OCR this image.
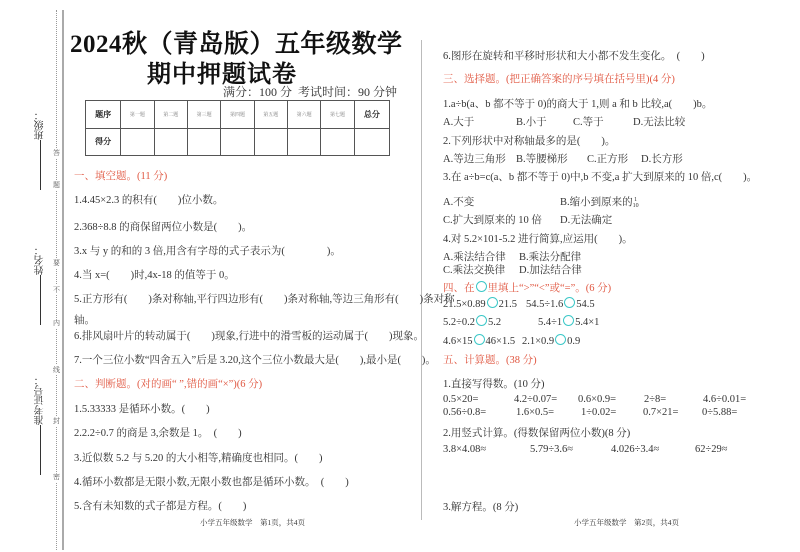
答
题
要
不
内
线
封
密
班级：
姓名：
准考证号：
2024秋（青岛版）五年级数学
期中押题试卷
满分：100 分 考试时间：90 分钟
题序	第一题	第二题	第三题	第四题	第五题	第六题	第七题	总分
得分								
一、填空题。(11 分)
1.4.45×2.3 的积有(　　)位小数。
2.368÷8.8 的商保留两位小数是(　　)。
3.x 与 y 的和的 3 倍,用含有字母的式子表示为(　　　　)。
4.当 x=(　　)时,4x-18 的值等于 0。
5.正方形有(　　)条对称轴,平行四边形有(　　)条对称轴,等边三角形有(　　)条对称
轴。
6.排风扇叶片的转动属于(　　)现象,行进中的滑雪板的运动属于(　　)现象。
7.一个三位小数“四舍五入”后是 3.20,这个三位小数最大是(　　),最小是(　　)。
二、判断题。(对的画“ ”,错的画“×”)(6 分)
1.5.33333 是循环小数。(　　)
2.2.2÷0.7 的商是 3,余数是 1。　(　　)
3.近似数 5.2 与 5.20 的大小相等,精确度也相同。(　　)
4.循环小数都是无限小数,无限小数也都是循环小数。　(　　)
5.含有未知数的式子都是方程。(　　)
小学五年级数学　第1页，共4页
6.图形在旋转和平移时形状和大小都不发生变化。　(　　)
三、选择题。(把正确答案的序号填在括号里)(4 分)
1.a÷b(a、b 都不等于 0)的商大于 1,则 a 和 b 比较,a(　　)b。
A.大于	B.小于	C.等于	D.无法比较
2.下列形状中对称轴最多的是(　　)。
A.等边三角形 B.等腰梯形 C.正方形 D.长方形
3.在 a÷b=c(a、b 都不等于 0)中,b 不变,a 扩大到原来的 10 倍,c(　　)。
A.不变	B.缩小到原来的 1
10
C.扩大到原来的 10 倍 D.无法确定
4.对 5.2×101-5.2 进行简算,应运用(　　)。
A.乘法结合律 B.乘法分配律
C.乘法交换律 D.加法结合律
四、在 里填上“>”“<”或“=”。(6 分)
21.5×0.89 21.5 54.5÷1.6 54.5
5.2÷0.2 5.2	5.4÷1 5.4×1
4.6×15 46×1.5 2.1×0.9 0.9
五、计算题。(38 分)
1.直接写得数。(10 分)
0.5×20=	4.2÷0.07= 0.6×0.9=	2÷8=	4.6÷0.01=
0.56÷0.8=	1.6×0.5=	1÷0.02=	0.7×21= 0÷5.88=
2.用竖式计算。(得数保留两位小数)(8 分)
3.8×4.08≈	5.79÷3.6≈	4.026÷3.4≈	62÷29≈
3.解方程。(8 分)
小学五年级数学　第2页，共4页
